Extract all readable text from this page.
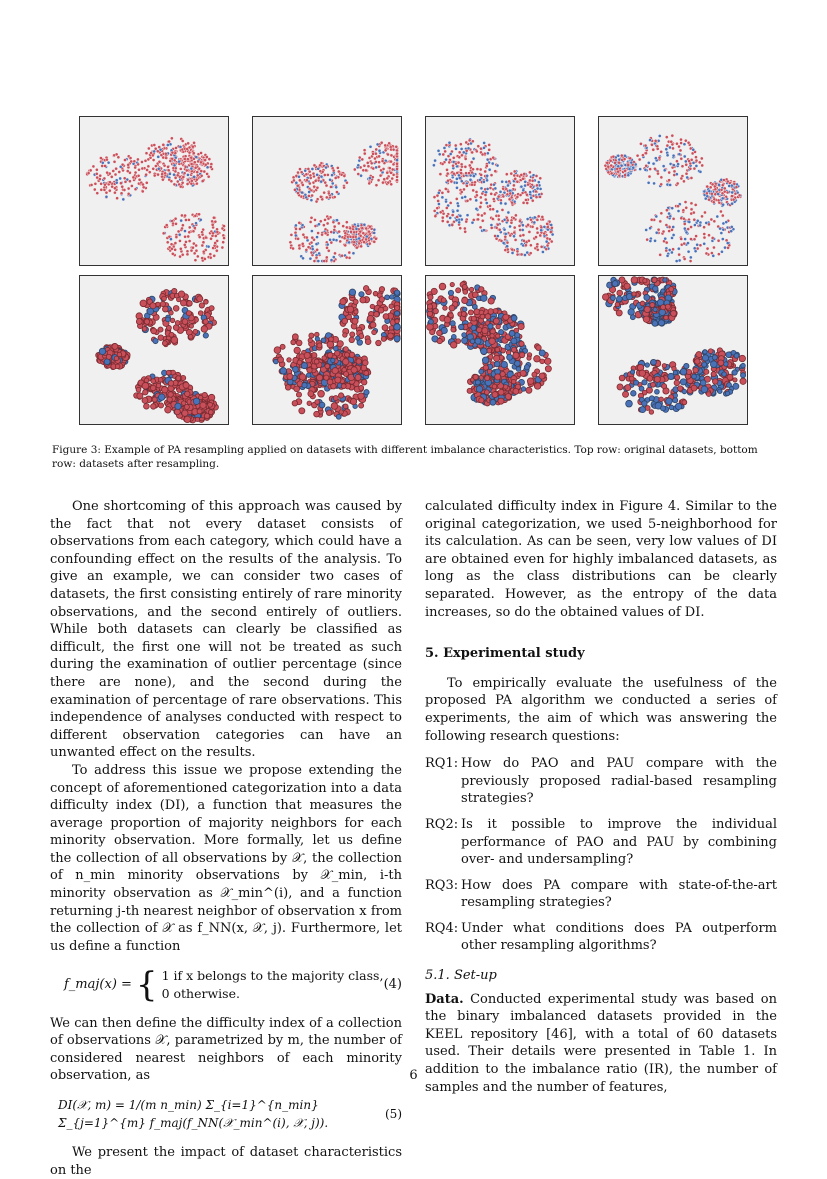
Figure 3: Example of PA resampling applied on datasets with different imbalance characteristics. Top row: original datasets, bottom row: datasets after resampling.

One shortcoming of this approach was caused by the fact that not every dataset consists of observations from each category, which could have a confounding effect on the results of the analysis. To give an example, we can consider two cases of datasets, the first consisting entirely of rare minority observations, and the second entirely of outliers. While both datasets can clearly be classified as difficult, the first one will not be treated as such during the examination of outlier percentage (since there are none), and the second during the examination of percentage of rare observations. This independence of analyses conducted with respect to different observation categories can have an unwanted effect on the results.

To address this issue we propose extending the concept of aforementioned categorization into a data difficulty index (DI), a function that measures the average proportion of majority neighbors for each minority observation. More formally, let us define the collection of all observations by 𝒳, the collection of n_min minority observations by 𝒳_min, i-th minority observation as 𝒳_min^(i), and a function returning j-th nearest neighbor of observation x from the collection of 𝒳 as f_NN(x, 𝒳, j). Furthermore, let us define a function

f_maj(x) = { 1 if x belongs to the majority class,
0 otherwise.
(4)

We can then define the difficulty index of a collection of observations 𝒳, parametrized by m, the number of considered nearest neighbors of each minority observation, as

DI(𝒳, m) = 1/(m n_min) Σ_{i=1}^{n_min} Σ_{j=1}^{m} f_maj(f_NN(𝒳_min^(i), 𝒳, j)).
(5)

We present the impact of dataset characteristics on the

calculated difficulty index in Figure 4. Similar to the original categorization, we used 5-neighborhood for its calculation. As can be seen, very low values of DI are obtained even for highly imbalanced datasets, as long as the class distributions can be clearly separated. However, as the entropy of the data increases, so do the obtained values of DI.

5. Experimental study

To empirically evaluate the usefulness of the proposed PA algorithm we conducted a series of experiments, the aim of which was answering the following research questions:

RQ1: How do PAO and PAU compare with the previously proposed radial-based resampling strategies?
RQ2: Is it possible to improve the individual performance of PAO and PAU by combining over- and undersampling?
RQ3: How does PA compare with state-of-the-art resampling strategies?
RQ4: Under what conditions does PA outperform other resampling algorithms?

5.1. Set-up

Data. Conducted experimental study was based on the binary imbalanced datasets provided in the KEEL repository [46], with a total of 60 datasets used. Their details were presented in Table 1. In addition to the imbalance ratio (IR), the number of samples and the number of features,

6
